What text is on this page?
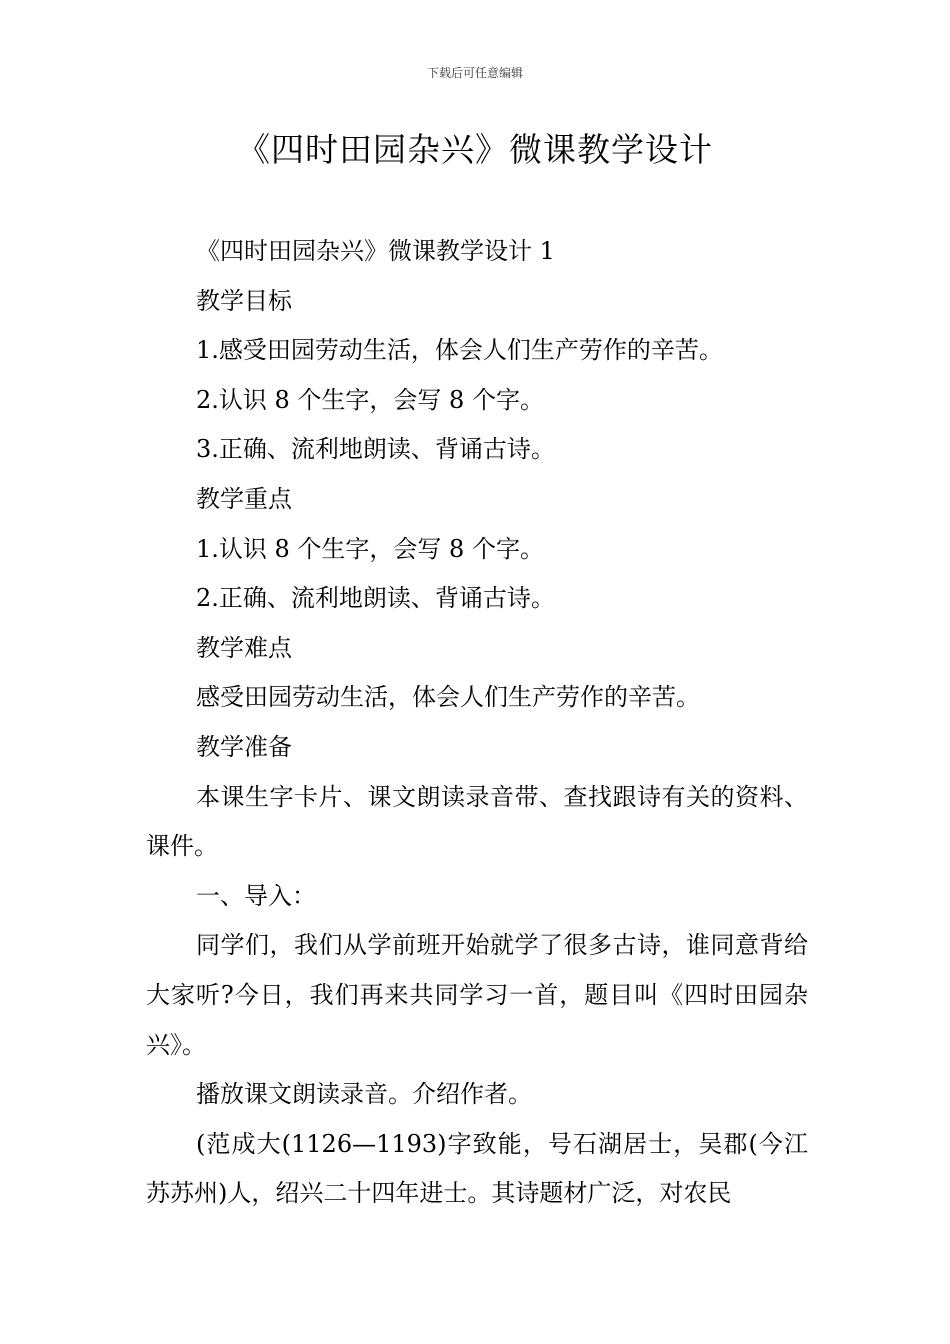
下载后可任意编辑
《四时田园杂兴》微课教学设计

《四时田园杂兴》微课教学设计 1

教学目标

1.感受田园劳动生活，体会人们生产劳作的辛苦。

2.认识 8 个生字，会写 8 个字。

3.正确、流利地朗读、背诵古诗。

教学重点

1.认识 8 个生字，会写 8 个字。

2.正确、流利地朗读、背诵古诗。

教学难点

感受田园劳动生活，体会人们生产劳作的辛苦。

教学准备

本课生字卡片、课文朗读录音带、查找跟诗有关的资料、课件。

一、导入：

同学们，我们从学前班开始就学了很多古诗，谁同意背给大家听?今日，我们再来共同学习一首，题目叫《四时田园杂兴》。

播放课文朗读录音。介绍作者。

(范成大(1126—1193)字致能，号石湖居士，吴郡(今江苏苏州)人，绍兴二十四年进士。其诗题材广泛，对农民
